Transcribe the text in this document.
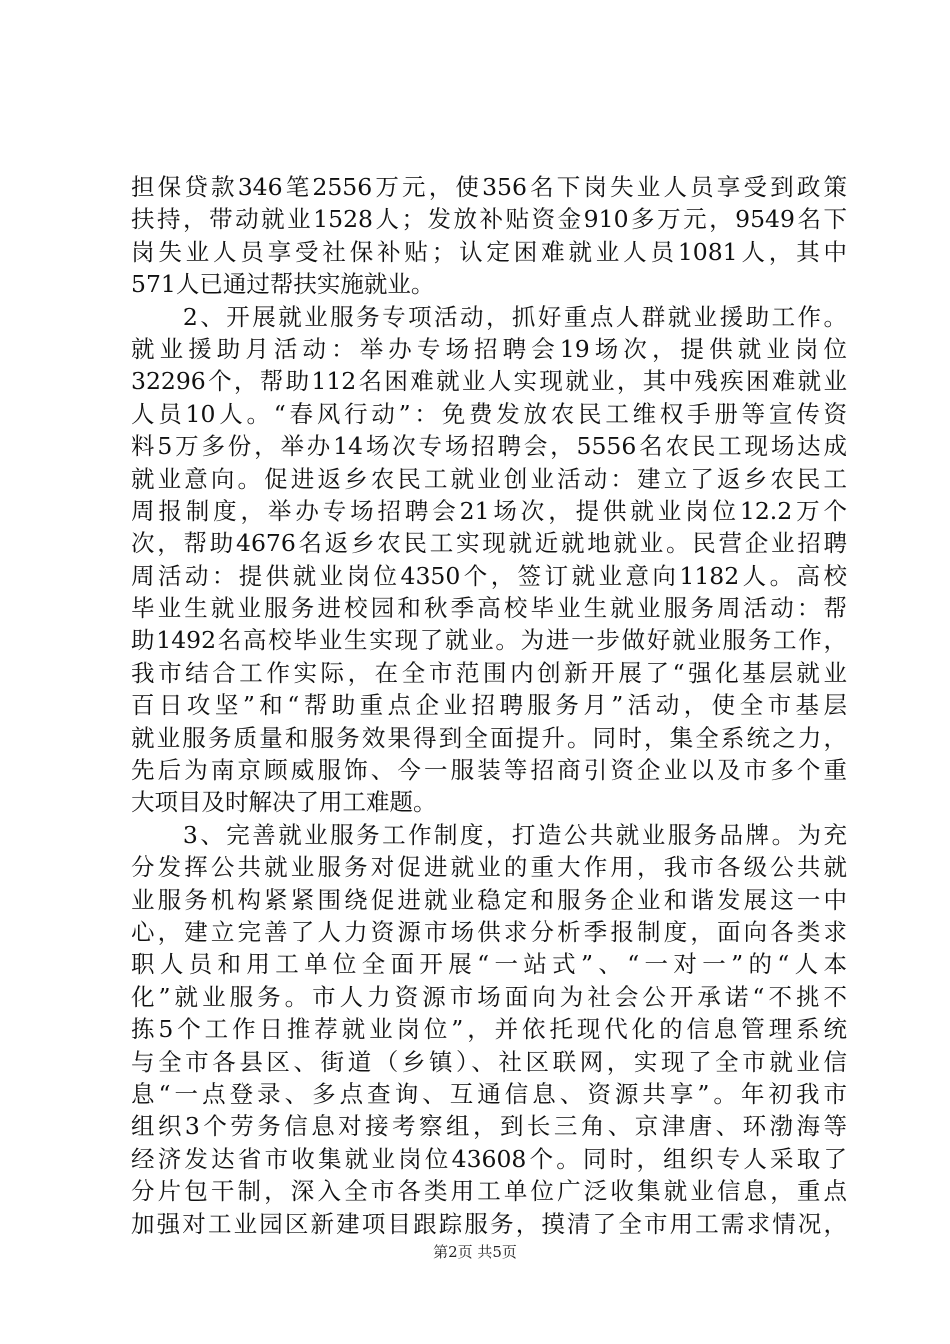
担保贷款346笔2556万元，使356名下岗失业人员享受到政策
扶持，带动就业1528人；发放补贴资金910多万元，9549名下
岗失业人员享受社保补贴；认定困难就业人员1081人，其中
571人已通过帮扶实施就业。
　　2、开展就业服务专项活动，抓好重点人群就业援助工作。
就业援助月活动：举办专场招聘会19场次，提供就业岗位
32296个，帮助112名困难就业人实现就业，其中残疾困难就业
人员10人。“春风行动”：免费发放农民工维权手册等宣传资
料5万多份，举办14场次专场招聘会，5556名农民工现场达成
就业意向。促进返乡农民工就业创业活动：建立了返乡农民工
周报制度，举办专场招聘会21场次，提供就业岗位12.2万个
次，帮助4676名返乡农民工实现就近就地就业。民营企业招聘
周活动：提供就业岗位4350个，签订就业意向1182人。高校
毕业生就业服务进校园和秋季高校毕业生就业服务周活动：帮
助1492名高校毕业生实现了就业。为进一步做好就业服务工作，
我市结合工作实际，在全市范围内创新开展了“强化基层就业
百日攻坚”和“帮助重点企业招聘服务月”活动，使全市基层
就业服务质量和服务效果得到全面提升。同时，集全系统之力，
先后为南京顾威服饰、今一服装等招商引资企业以及市多个重
大项目及时解决了用工难题。
　　3、完善就业服务工作制度，打造公共就业服务品牌。为充
分发挥公共就业服务对促进就业的重大作用，我市各级公共就
业服务机构紧紧围绕促进就业稳定和服务企业和谐发展这一中
心，建立完善了人力资源市场供求分析季报制度，面向各类求
职人员和用工单位全面开展“一站式”、“一对一”的“人本
化”就业服务。市人力资源市场面向为社会公开承诺“不挑不
拣5个工作日推荐就业岗位”，并依托现代化的信息管理系统
与全市各县区、街道（乡镇）、社区联网，实现了全市就业信
息“一点登录、多点查询、互通信息、资源共享”。年初我市
组织3个劳务信息对接考察组，到长三角、京津唐、环渤海等
经济发达省市收集就业岗位43608个。同时，组织专人采取了
分片包干制，深入全市各类用工单位广泛收集就业信息，重点
加强对工业园区新建项目跟踪服务，摸清了全市用工需求情况，
第2页 共5页
